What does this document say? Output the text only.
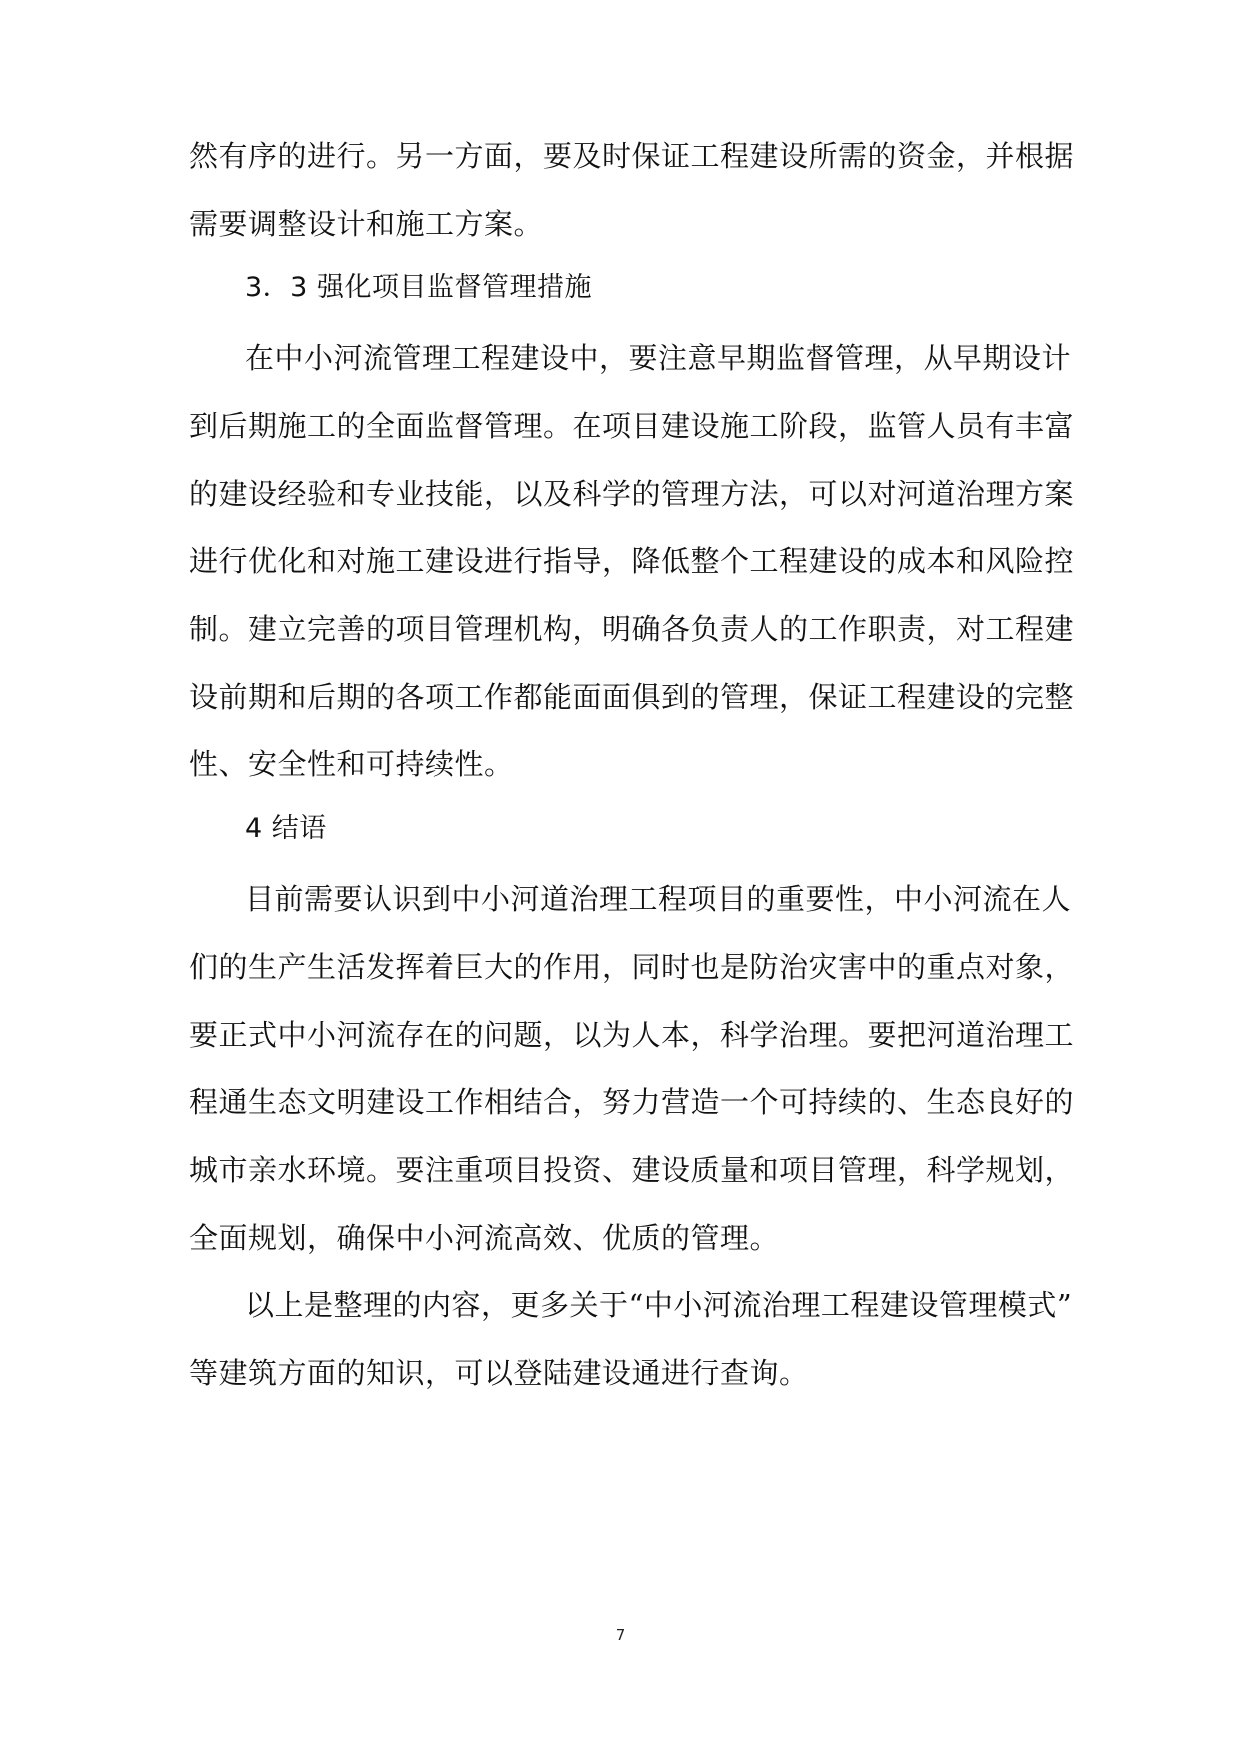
然有序的进行。另一方面，要及时保证工程建设所需的资金，并根据
需要调整设计和施工方案。
3．3 强化项目监督管理措施
在中小河流管理工程建设中，要注意早期监督管理，从早期设计
到后期施工的全面监督管理。在项目建设施工阶段，监管人员有丰富
的建设经验和专业技能，以及科学的管理方法，可以对河道治理方案
进行优化和对施工建设进行指导，降低整个工程建设的成本和风险控
制。建立完善的项目管理机构，明确各负责人的工作职责，对工程建
设前期和后期的各项工作都能面面俱到的管理，保证工程建设的完整
性、安全性和可持续性。
4 结语
目前需要认识到中小河道治理工程项目的重要性，中小河流在人
们的生产生活发挥着巨大的作用，同时也是防治灾害中的重点对象，
要正式中小河流存在的问题，以为人本，科学治理。要把河道治理工
程通生态文明建设工作相结合，努力营造一个可持续的、生态良好的
城市亲水环境。要注重项目投资、建设质量和项目管理，科学规划，
全面规划，确保中小河流高效、优质的管理。
以上是整理的内容，更多关于“中小河流治理工程建设管理模式”
等建筑方面的知识，可以登陆建设通进行查询。
7
